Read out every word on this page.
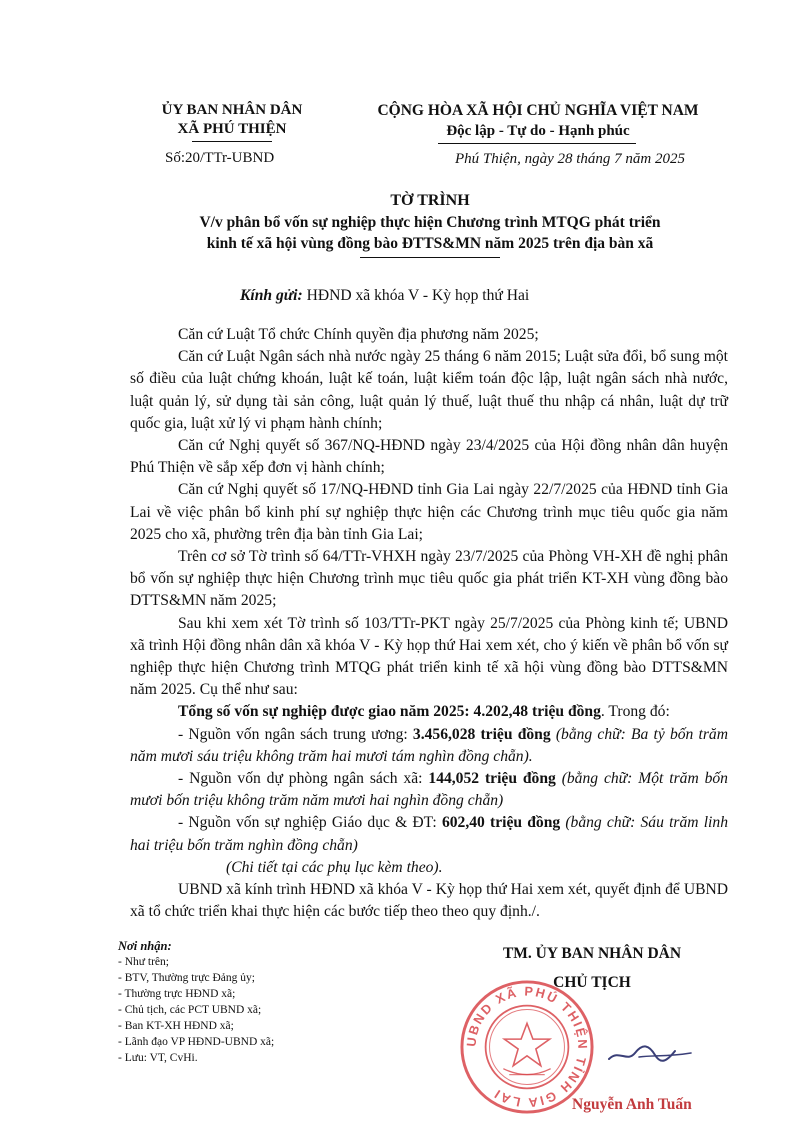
ỦY BAN NHÂN DÂN
XÃ PHÚ THIỆN
Số:20/TTr-UBND
CỘNG HÒA XÃ HỘI CHỦ NGHĨA VIỆT NAM
Độc lập - Tự do - Hạnh phúc
Phú Thiện, ngày 28 tháng 7 năm 2025
TỜ TRÌNH
V/v phân bổ vốn sự nghiệp thực hiện Chương trình MTQG phát triển
kinh tế xã hội vùng đồng bào ĐTTS&MN năm 2025 trên địa bàn xã
Kính gửi: HĐND xã khóa V - Kỳ họp thứ Hai

Căn cứ Luật Tổ chức Chính quyền địa phương năm 2025;

Căn cứ Luật Ngân sách nhà nước ngày 25 tháng 6 năm 2015; Luật sửa đổi, bổ sung một số điều của luật chứng khoán, luật kế toán, luật kiểm toán độc lập, luật ngân sách nhà nước, luật quản lý, sử dụng tài sản công, luật quản lý thuế, luật thuế thu nhập cá nhân, luật dự trữ quốc gia, luật xử lý vi phạm hành chính;

Căn cứ Nghị quyết số 367/NQ-HĐND ngày 23/4/2025 của Hội đồng nhân dân huyện Phú Thiện về sắp xếp đơn vị hành chính;

Căn cứ Nghị quyết số 17/NQ-HĐND tỉnh Gia Lai ngày 22/7/2025 của HĐND tỉnh Gia Lai về việc phân bổ kinh phí sự nghiệp thực hiện các Chương trình mục tiêu quốc gia năm 2025 cho xã, phường trên địa bàn tỉnh Gia Lai;

Trên cơ sở Tờ trình số 64/TTr-VHXH ngày 23/7/2025 của Phòng VH-XH đề nghị phân bổ vốn sự nghiệp thực hiện Chương trình mục tiêu quốc gia phát triển KT-XH vùng đồng bào DTTS&MN năm 2025;

Sau khi xem xét Tờ trình số 103/TTr-PKT ngày 25/7/2025 của Phòng kinh tế; UBND xã trình Hội đồng nhân dân xã khóa V - Kỳ họp thứ Hai xem xét, cho ý kiến về phân bổ vốn sự nghiệp thực hiện Chương trình MTQG phát triển kinh tế xã hội vùng đồng bào DTTS&MN năm 2025. Cụ thể như sau:

Tổng số vốn sự nghiệp được giao năm 2025: 4.202,48 triệu đồng. Trong đó:

- Nguồn vốn ngân sách trung ương: 3.456,028 triệu đồng (bằng chữ: Ba tỷ bốn trăm năm mươi sáu triệu không trăm hai mươi tám nghìn đồng chẵn).

- Nguồn vốn dự phòng ngân sách xã: 144,052 triệu đồng (bằng chữ: Một trăm bốn mươi bốn triệu không trăm năm mươi hai nghìn đồng chẵn)

- Nguồn vốn sự nghiệp Giáo dục & ĐT: 602,40 triệu đồng (bằng chữ: Sáu trăm linh hai triệu bốn trăm nghìn đồng chẵn)

(Chi tiết tại các phụ lục kèm theo).

UBND xã kính trình HĐND xã khóa V - Kỳ họp thứ Hai xem xét, quyết định để UBND xã tổ chức triển khai thực hiện các bước tiếp theo theo quy định./.

Nơi nhận:
- Như trên;
- BTV, Thường trực Đảng ủy;
- Thường trực HĐND xã;
- Chủ tịch, các PCT UBND xã;
- Ban KT-XH HĐND xã;
- Lãnh đạo VP HĐND-UBND xã;
- Lưu: VT, CvHi.
TM. ỦY BAN NHÂN DÂN
CHỦ TỊCH
UBND XÃ PHÚ THIỆN TỈNH GIA LAI
Nguyễn Anh Tuấn
